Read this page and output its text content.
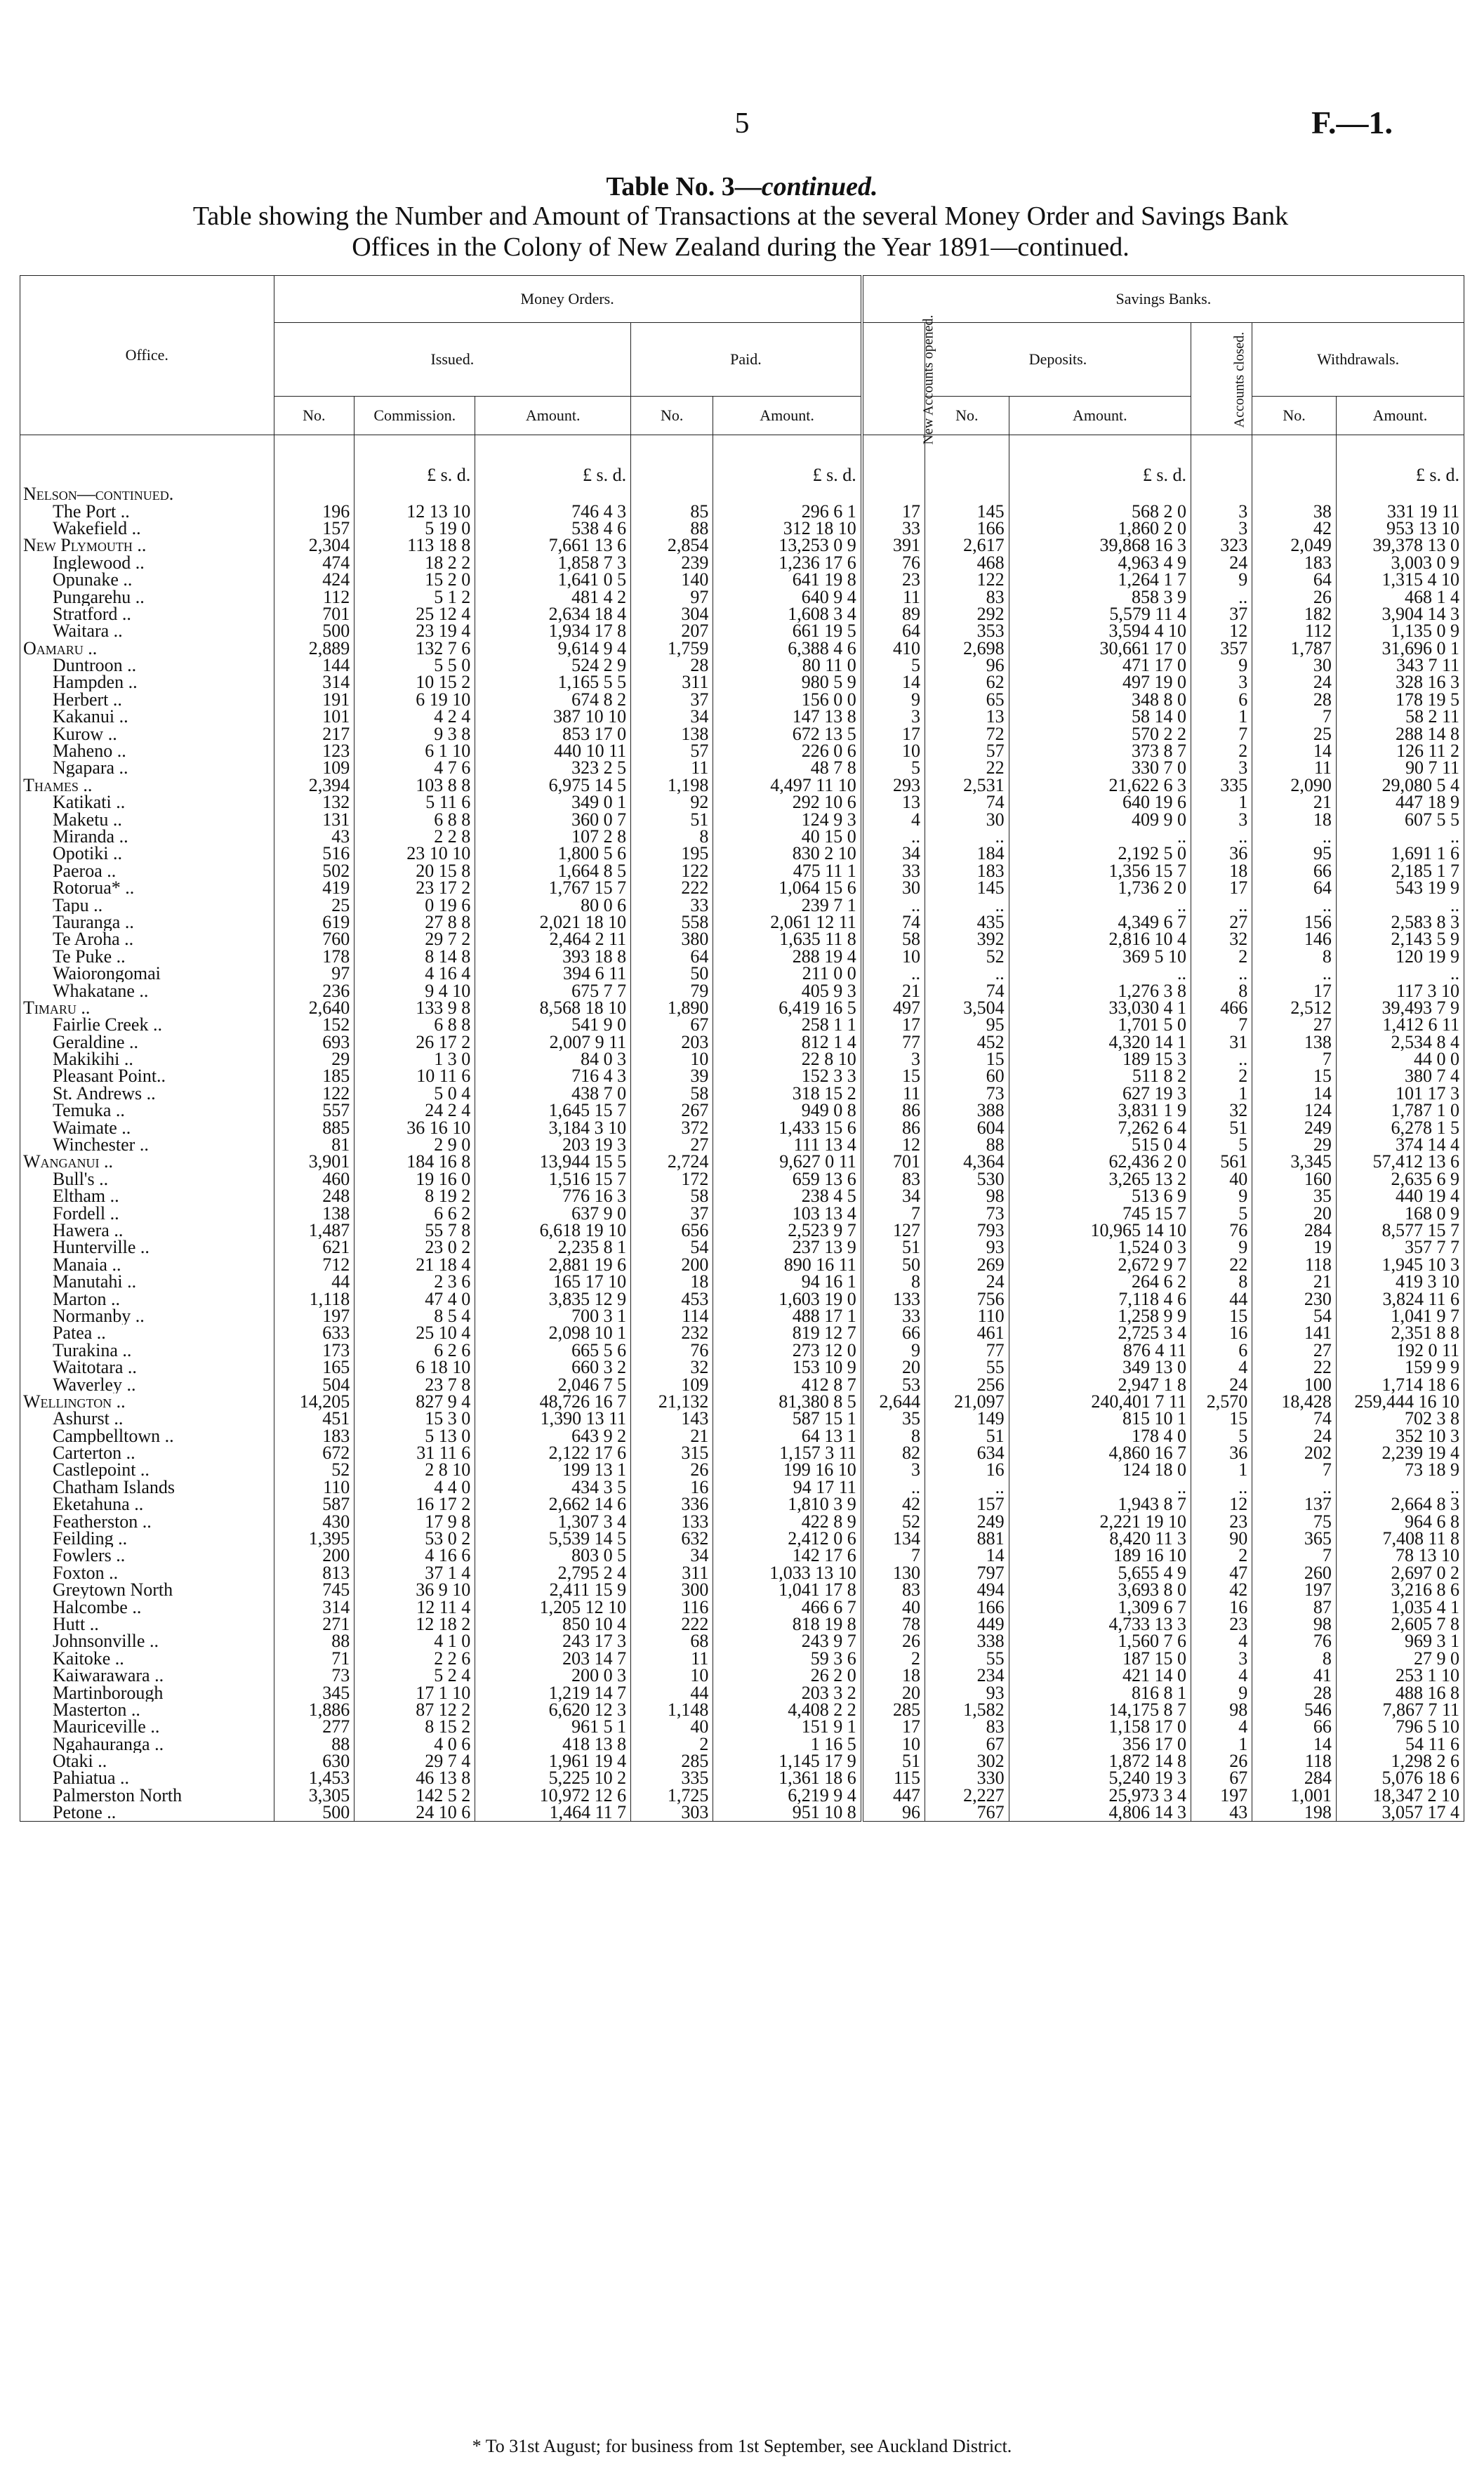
5	F.—1.
Table No. 3—continued.
Table showing the Number and Amount of Transactions at the several Money Order and Savings Bank
Offices in the Colony of New Zealand during the Year 1891—continued.
Office.	Money Orders.					Savings Banks.					
	Issued.			Paid.		New Accounts opened.	Deposits.		Accounts closed.	Withdrawals.	
	No.	Commission.	Amount.	No.	Amount.		No.	Amount.		No.	Amount.

		£ s. d.	£ s. d.		£ s. d.			£ s. d.			£ s. d.
Nelson—continued.											
The Port ..	196	12 13 10	746 4 3	85	296 6 1	17	145	568 2 0	3	38	331 19 11
Wakefield ..	157	5 19 0	538 4 6	88	312 18 10	33	166	1,860 2 0	3	42	953 13 10
New Plymouth ..	2,304	113 18 8	7,661 13 6	2,854	13,253 0 9	391	2,617	39,868 16 3	323	2,049	39,378 13 0
Inglewood ..	474	18 2 2	1,858 7 3	239	1,236 17 6	76	468	4,963 4 9	24	183	3,003 0 9
Opunake ..	424	15 2 0	1,641 0 5	140	641 19 8	23	122	1,264 1 7	9	64	1,315 4 10
Pungarehu ..	112	5 1 2	481 4 2	97	640 9 4	11	83	858 3 9	..	26	468 1 4
Stratford ..	701	25 12 4	2,634 18 4	304	1,608 3 4	89	292	5,579 11 4	37	182	3,904 14 3
Waitara ..	500	23 19 4	1,934 17 8	207	661 19 5	64	353	3,594 4 10	12	112	1,135 0 9
Oamaru ..	2,889	132 7 6	9,614 9 4	1,759	6,388 4 6	410	2,698	30,661 17 0	357	1,787	31,696 0 1
Duntroon ..	144	5 5 0	524 2 9	28	80 11 0	5	96	471 17 0	9	30	343 7 11
Hampden ..	314	10 15 2	1,165 5 5	311	980 5 9	14	62	497 19 0	3	24	328 16 3
Herbert ..	191	6 19 10	674 8 2	37	156 0 0	9	65	348 8 0	6	28	178 19 5
Kakanui ..	101	4 2 4	387 10 10	34	147 13 8	3	13	58 14 0	1	7	58 2 11
Kurow ..	217	9 3 8	853 17 0	138	672 13 5	17	72	570 2 2	7	25	288 14 8
Maheno ..	123	6 1 10	440 10 11	57	226 0 6	10	57	373 8 7	2	14	126 11 2
Ngapara ..	109	4 7 6	323 2 5	11	48 7 8	5	22	330 7 0	3	11	90 7 11
Thames ..	2,394	103 8 8	6,975 14 5	1,198	4,497 11 10	293	2,531	21,622 6 3	335	2,090	29,080 5 4
Katikati ..	132	5 11 6	349 0 1	92	292 10 6	13	74	640 19 6	1	21	447 18 9
Maketu ..	131	6 8 8	360 0 7	51	124 9 3	4	30	409 9 0	3	18	607 5 5
Miranda ..	43	2 2 8	107 2 8	8	40 15 0	..	..	..	..	..	..
Opotiki ..	516	23 10 10	1,800 5 6	195	830 2 10	34	184	2,192 5 0	36	95	1,691 1 6
Paeroa ..	502	20 15 8	1,664 8 5	122	475 11 1	33	183	1,356 15 7	18	66	2,185 1 7
Rotorua* ..	419	23 17 2	1,767 15 7	222	1,064 15 6	30	145	1,736 2 0	17	64	543 19 9
Tapu ..	25	0 19 6	80 0 6	33	239 7 1	..	..	..	..	..	..
Tauranga ..	619	27 8 8	2,021 18 10	558	2,061 12 11	74	435	4,349 6 7	27	156	2,583 8 3
Te Aroha ..	760	29 7 2	2,464 2 11	380	1,635 11 8	58	392	2,816 10 4	32	146	2,143 5 9
Te Puke ..	178	8 14 8	393 18 8	64	288 19 4	10	52	369 5 10	2	8	120 19 9
Waiorongomai	97	4 16 4	394 6 11	50	211 0 0	..	..	..	..	..	..
Whakatane ..	236	9 4 10	675 7 7	79	405 9 3	21	74	1,276 3 8	8	17	117 3 10
Timaru ..	2,640	133 9 8	8,568 18 10	1,890	6,419 16 5	497	3,504	33,030 4 1	466	2,512	39,493 7 9
Fairlie Creek ..	152	6 8 8	541 9 0	67	258 1 1	17	95	1,701 5 0	7	27	1,412 6 11
Geraldine ..	693	26 17 2	2,007 9 11	203	812 1 4	77	452	4,320 14 1	31	138	2,534 8 4
Makikihi ..	29	1 3 0	84 0 3	10	22 8 10	3	15	189 15 3	..	7	44 0 0
Pleasant Point..	185	10 11 6	716 4 3	39	152 3 3	15	60	511 8 2	2	15	380 7 4
St. Andrews ..	122	5 0 4	438 7 0	58	318 15 2	11	73	627 19 3	1	14	101 17 3
Temuka ..	557	24 2 4	1,645 15 7	267	949 0 8	86	388	3,831 1 9	32	124	1,787 1 0
Waimate ..	885	36 16 10	3,184 3 10	372	1,433 15 6	86	604	7,262 6 4	51	249	6,278 1 5
Winchester ..	81	2 9 0	203 19 3	27	111 13 4	12	88	515 0 4	5	29	374 14 4
Wanganui ..	3,901	184 16 8	13,944 15 5	2,724	9,627 0 11	701	4,364	62,436 2 0	561	3,345	57,412 13 6
Bull's ..	460	19 16 0	1,516 15 7	172	659 13 6	83	530	3,265 13 2	40	160	2,635 6 9
Eltham ..	248	8 19 2	776 16 3	58	238 4 5	34	98	513 6 9	9	35	440 19 4
Fordell ..	138	6 6 2	637 9 0	37	103 13 4	7	73	745 15 7	5	20	168 0 9
Hawera ..	1,487	55 7 8	6,618 19 10	656	2,523 9 7	127	793	10,965 14 10	76	284	8,577 15 7
Hunterville ..	621	23 0 2	2,235 8 1	54	237 13 9	51	93	1,524 0 3	9	19	357 7 7
Manaia ..	712	21 18 4	2,881 19 6	200	890 16 11	50	269	2,672 9 7	22	118	1,945 10 3
Manutahi ..	44	2 3 6	165 17 10	18	94 16 1	8	24	264 6 2	8	21	419 3 10
Marton ..	1,118	47 4 0	3,835 12 9	453	1,603 19 0	133	756	7,118 4 6	44	230	3,824 11 6
Normanby ..	197	8 5 4	700 3 1	114	488 17 1	33	110	1,258 9 9	15	54	1,041 9 7
Patea ..	633	25 10 4	2,098 10 1	232	819 12 7	66	461	2,725 3 4	16	141	2,351 8 8
Turakina ..	173	6 2 6	665 5 6	76	273 12 0	9	77	876 4 11	6	27	192 0 11
Waitotara ..	165	6 18 10	660 3 2	32	153 10 9	20	55	349 13 0	4	22	159 9 9
Waverley ..	504	23 7 8	2,046 7 5	109	412 8 7	53	256	2,947 1 8	24	100	1,714 18 6
Wellington ..	14,205	827 9 4	48,726 16 7	21,132	81,380 8 5	2,644	21,097	240,401 7 11	2,570	18,428	259,444 16 10
Ashurst ..	451	15 3 0	1,390 13 11	143	587 15 1	35	149	815 10 1	15	74	702 3 8
Campbelltown ..	183	5 13 0	643 9 2	21	64 13 1	8	51	178 4 0	5	24	352 10 3
Carterton ..	672	31 11 6	2,122 17 6	315	1,157 3 11	82	634	4,860 16 7	36	202	2,239 19 4
Castlepoint ..	52	2 8 10	199 13 1	26	199 16 10	3	16	124 18 0	1	7	73 18 9
Chatham Islands	110	4 4 0	434 3 5	16	94 17 11	..	..	..	..	..	..
Eketahuna ..	587	16 17 2	2,662 14 6	336	1,810 3 9	42	157	1,943 8 7	12	137	2,664 8 3
Featherston ..	430	17 9 8	1,307 3 4	133	422 8 9	52	249	2,221 19 10	23	75	964 6 8
Feilding ..	1,395	53 0 2	5,539 14 5	632	2,412 0 6	134	881	8,420 11 3	90	365	7,408 11 8
Fowlers ..	200	4 16 6	803 0 5	34	142 17 6	7	14	189 16 10	2	7	78 13 10
Foxton ..	813	37 1 4	2,795 2 4	311	1,033 13 10	130	797	5,655 4 9	47	260	2,697 0 2
Greytown North	745	36 9 10	2,411 15 9	300	1,041 17 8	83	494	3,693 8 0	42	197	3,216 8 6
Halcombe ..	314	12 11 4	1,205 12 10	116	466 6 7	40	166	1,309 6 7	16	87	1,035 4 1
Hutt ..	271	12 18 2	850 10 4	222	818 19 8	78	449	4,733 13 3	23	98	2,605 7 8
Johnsonville ..	88	4 1 0	243 17 3	68	243 9 7	26	338	1,560 7 6	4	76	969 3 1
Kaitoke ..	71	2 2 6	203 14 7	11	59 3 6	2	55	187 15 0	3	8	27 9 0
Kaiwarawara ..	73	5 2 4	200 0 3	10	26 2 0	18	234	421 14 0	4	41	253 1 10
Martinborough	345	17 1 10	1,219 14 7	44	203 3 2	20	93	816 8 1	9	28	488 16 8
Masterton ..	1,886	87 12 2	6,620 12 3	1,148	4,408 2 2	285	1,582	14,175 8 7	98	546	7,867 7 11
Mauriceville ..	277	8 15 2	961 5 1	40	151 9 1	17	83	1,158 17 0	4	66	796 5 10
Ngahauranga ..	88	4 0 6	418 13 8	2	1 16 5	10	67	356 17 0	1	14	54 11 6
Otaki ..	630	29 7 4	1,961 19 4	285	1,145 17 9	51	302	1,872 14 8	26	118	1,298 2 6
Pahiatua ..	1,453	46 13 8	5,225 10 2	335	1,361 18 6	115	330	5,240 19 3	67	284	5,076 18 6
Palmerston North	3,305	142 5 2	10,972 12 6	1,725	6,219 9 4	447	2,227	25,973 3 4	197	1,001	18,347 2 10
Petone ..	500	24 10 6	1,464 11 7	303	951 10 8	96	767	4,806 14 3	43	198	3,057 17 4
* To 31st August; for business from 1st September, see Auckland District.
